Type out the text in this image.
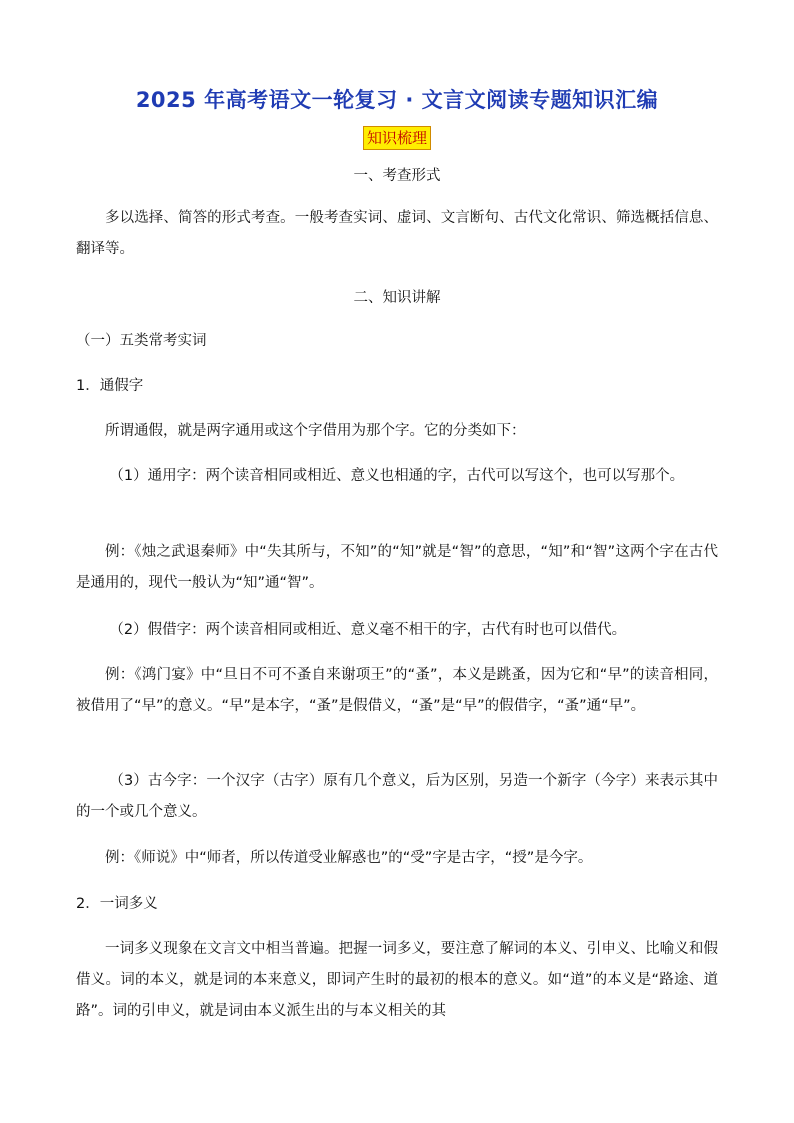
2025 年高考语文一轮复习 · 文言文阅读专题知识汇编
知识梳理
一、考查形式
多以选择、简答的形式考查。一般考查实词、虚词、文言断句、古代文化常识、筛选概括信息、翻译等。
二、知识讲解
（一）五类常考实词
1．通假字
所谓通假，就是两字通用或这个字借用为那个字。它的分类如下：
（1）通用字：两个读音相同或相近、意义也相通的字，古代可以写这个，也可以写那个。
例：《烛之武退秦师》中“失其所与，不知”的“知”就是“智”的意思，“知”和“智”这两个字在古代是通用的，现代一般认为“知”通“智”。
（2）假借字：两个读音相同或相近、意义毫不相干的字，古代有时也可以借代。
例：《鸿门宴》中“旦日不可不蚤自来谢项王”的“蚤”，本义是跳蚤，因为它和“早”的读音相同，被借用了“早”的意义。“早”是本字，“蚤”是假借义，“蚤”是“早”的假借字，“蚤”通“早”。
（3）古今字：一个汉字（古字）原有几个意义，后为区别，另造一个新字（今字）来表示其中的一个或几个意义。
例：《师说》中“师者，所以传道受业解惑也”的“受”字是古字，“授”是今字。
2．一词多义
一词多义现象在文言文中相当普遍。把握一词多义，要注意了解词的本义、引申义、比喻义和假借义。词的本义，就是词的本来意义，即词产生时的最初的根本的意义。如“道”的本义是“路途、道路”。词的引申义，就是词由本义派生出的与本义相关的其
